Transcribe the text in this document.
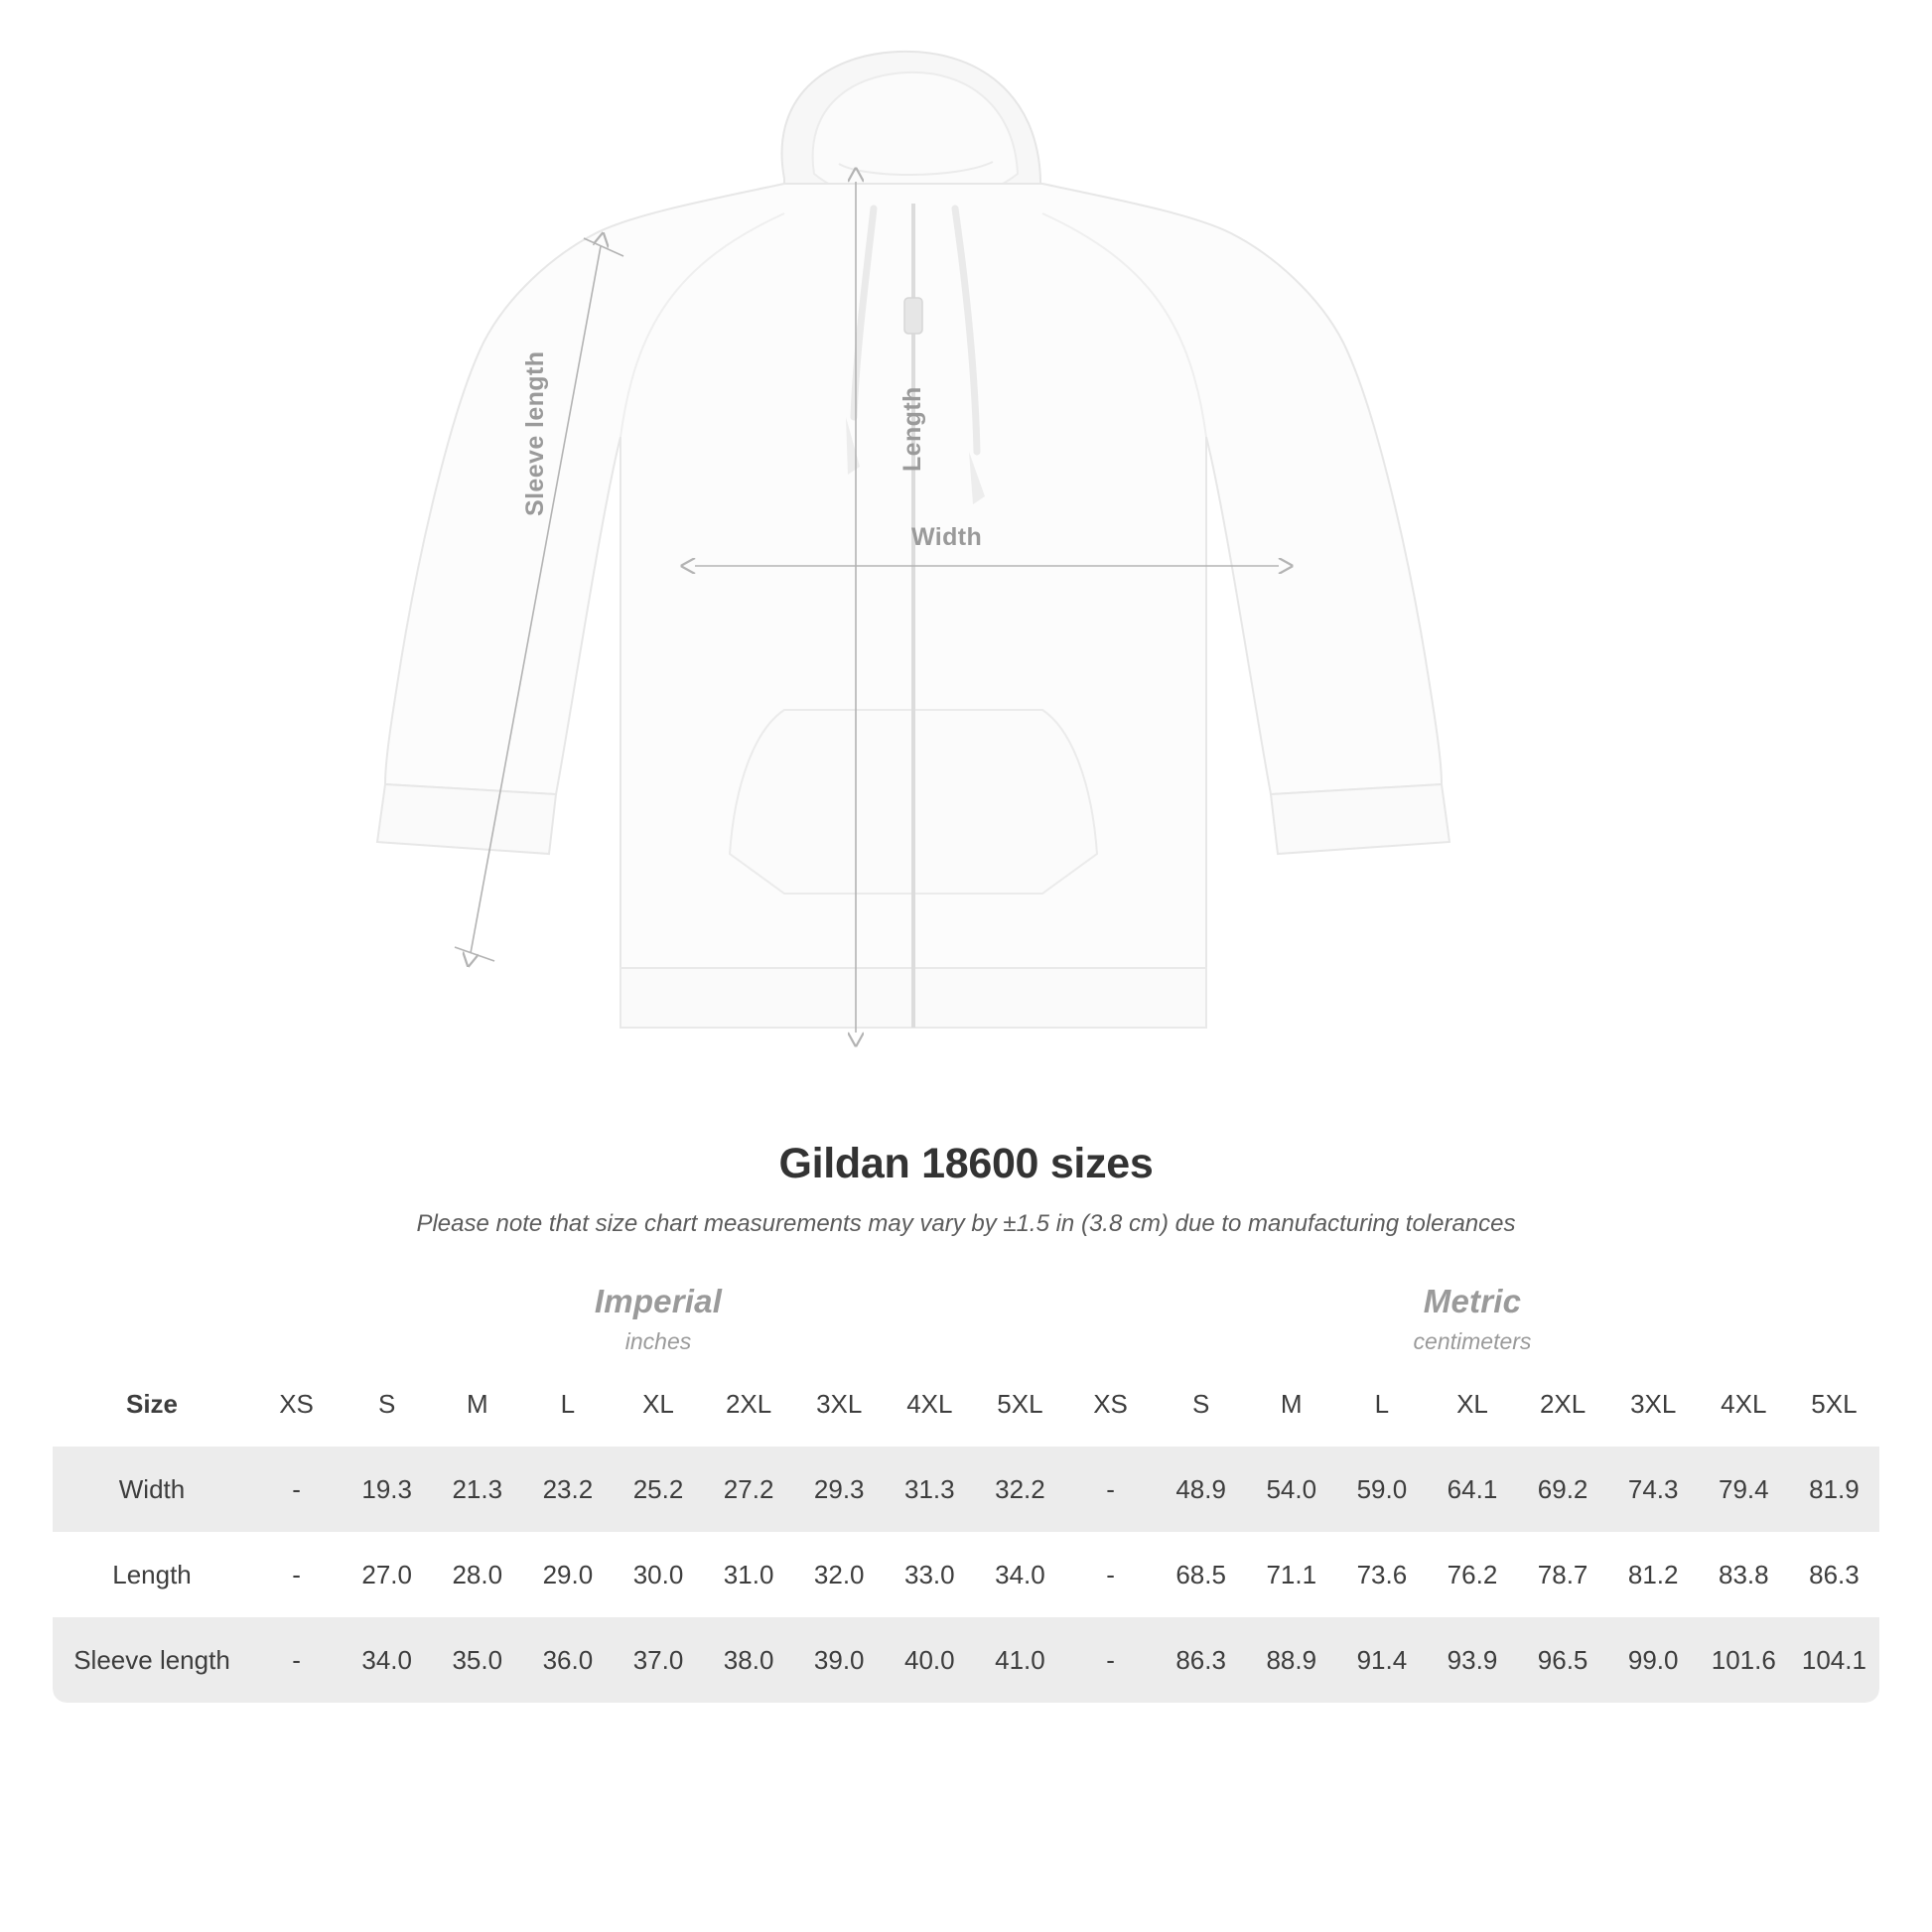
Length
Width
Sleeve length
Gildan 18600 sizes
Please note that size chart measurements may vary by ±1.5 in (3.8 cm) due to manufacturing tolerances

Imperial
inches

Metric
centimeters

Size	XS	S	M	L	XL	2XL	3XL	4XL	5XL	XS	S	M	L	XL	2XL	3XL	4XL	5XL
Width	-	19.3	21.3	23.2	25.2	27.2	29.3	31.3	32.2	-	48.9	54.0	59.0	64.1	69.2	74.3	79.4	81.9
Length	-	27.0	28.0	29.0	30.0	31.0	32.0	33.0	34.0	-	68.5	71.1	73.6	76.2	78.7	81.2	83.8	86.3
Sleeve length	-	34.0	35.0	36.0	37.0	38.0	39.0	40.0	41.0	-	86.3	88.9	91.4	93.9	96.5	99.0	101.6	104.1
